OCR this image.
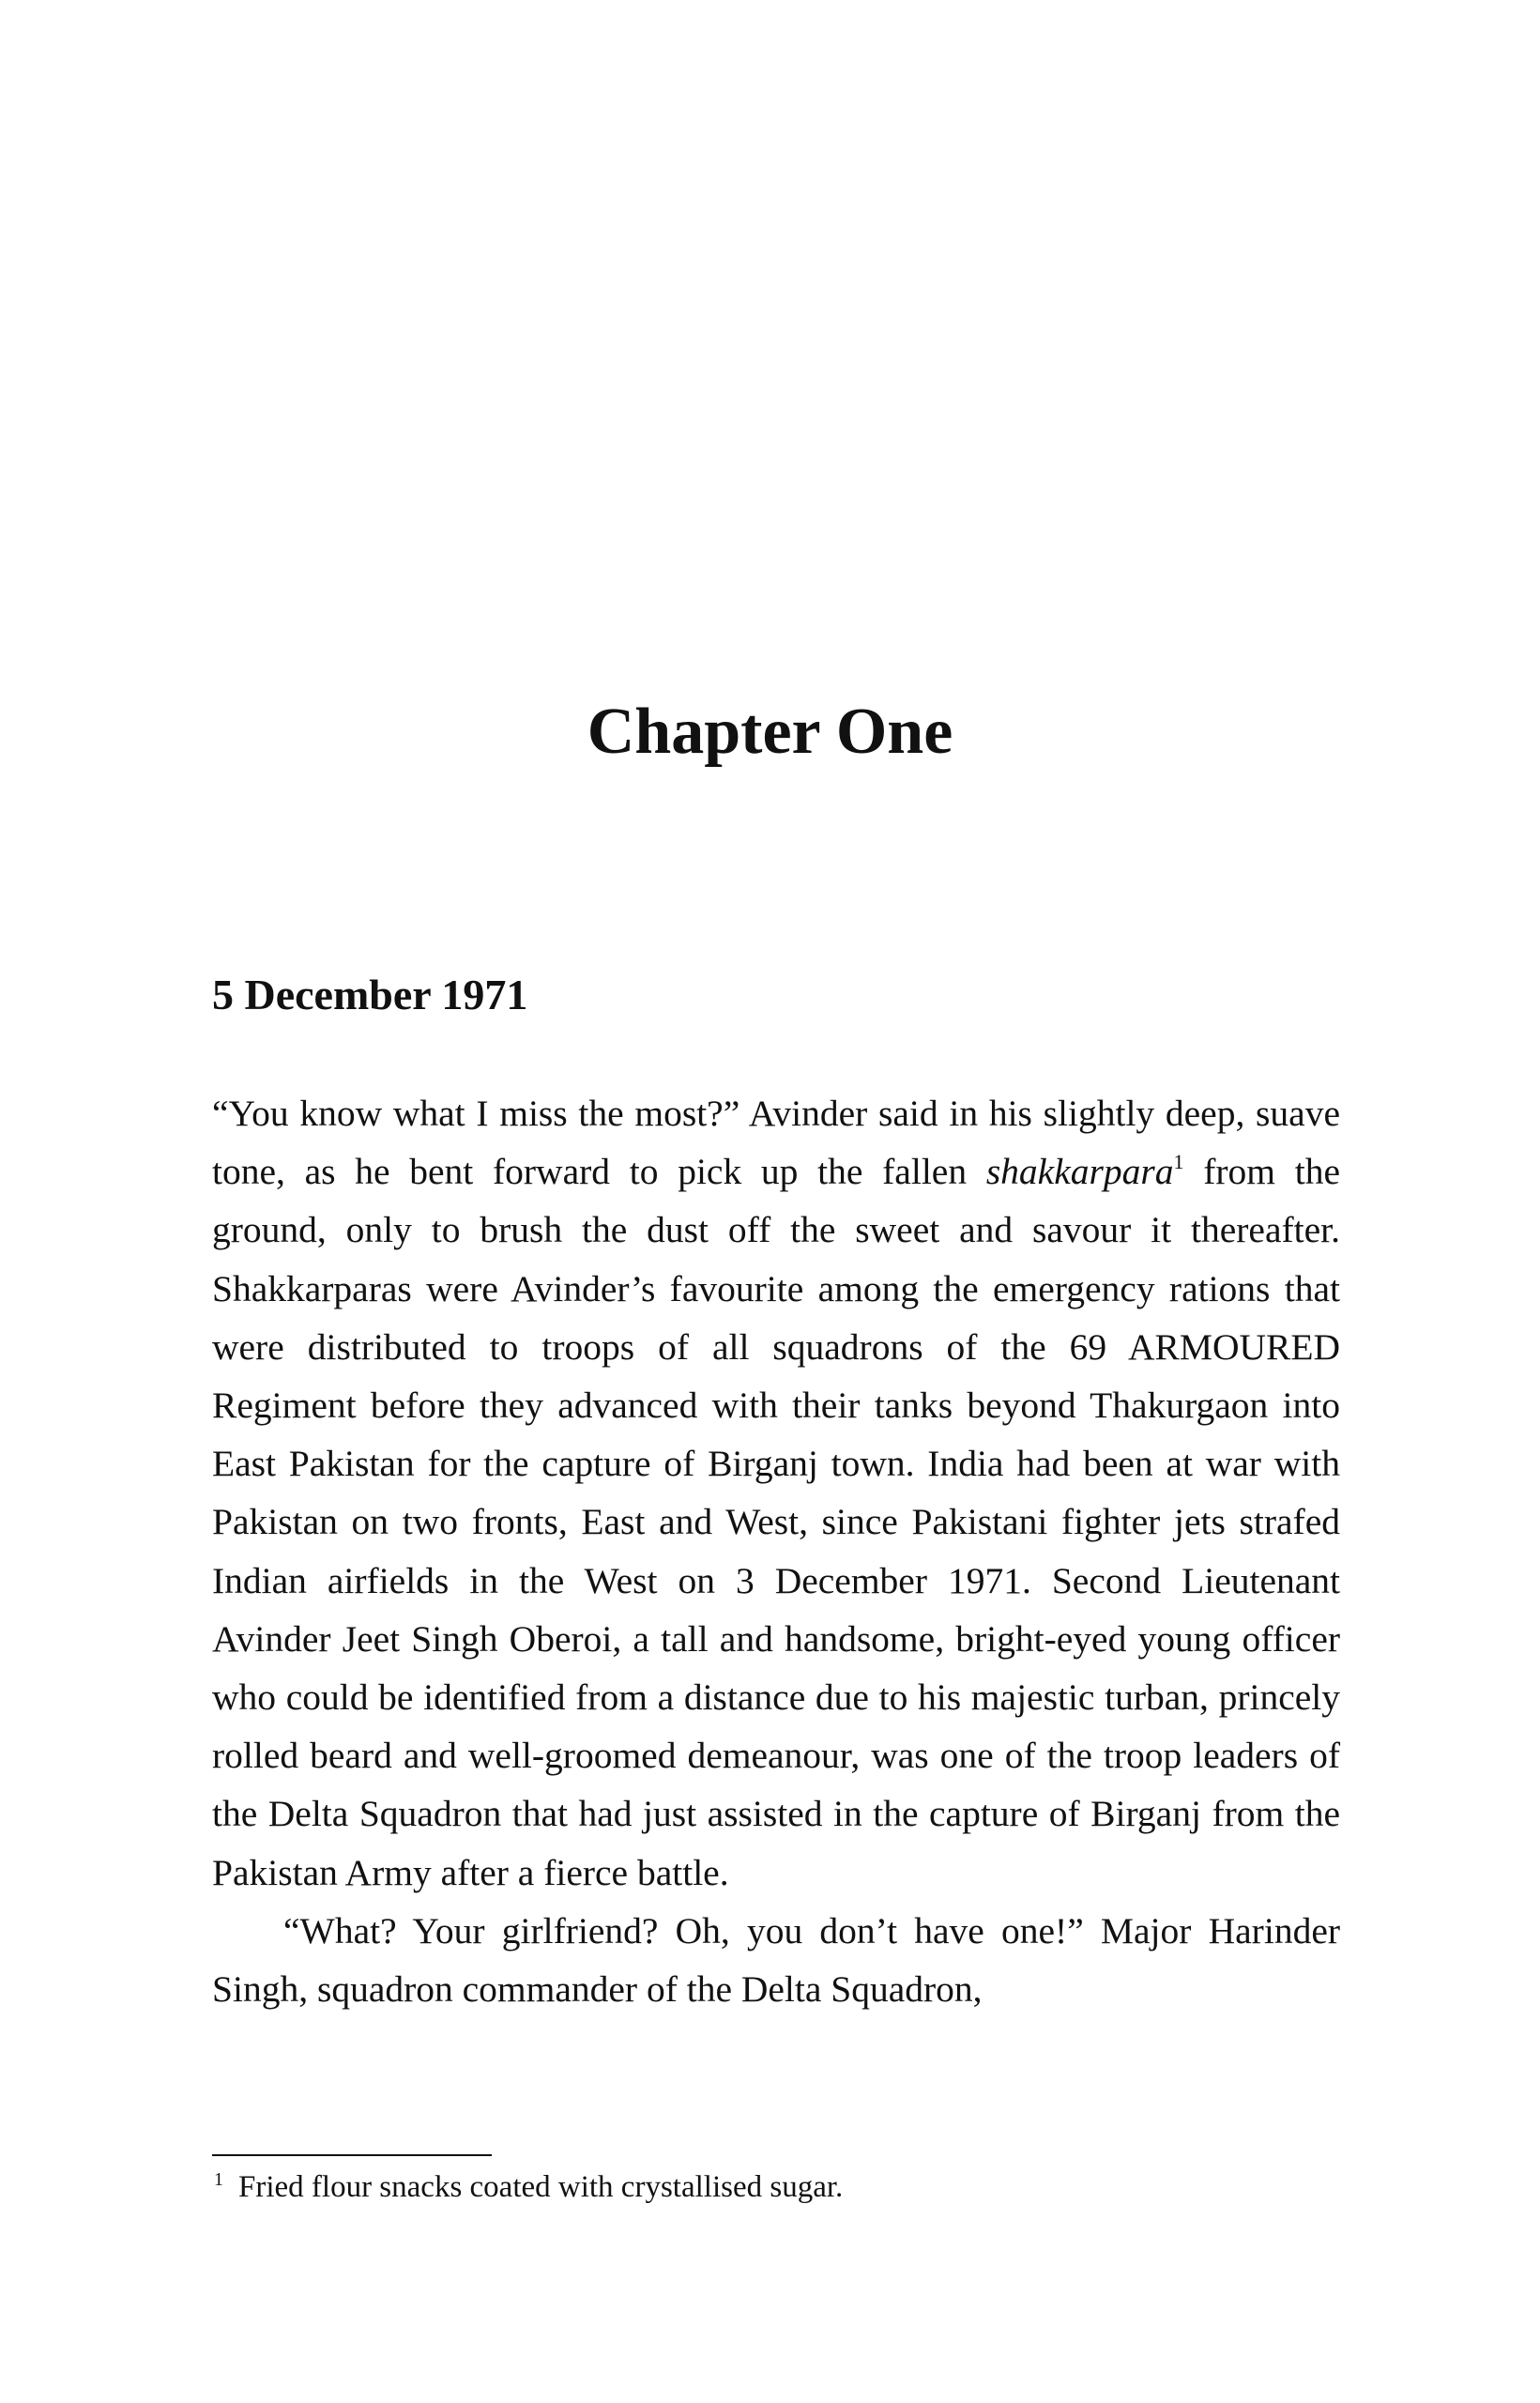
Chapter One
5 December 1971

“You know what I miss the most?” Avinder said in his slightly deep, suave tone, as he bent forward to pick up the fallen shakkarpara$^1$ from the ground, only to brush the dust off the sweet and savour it thereafter. Shakkarparas were Avinder’s favourite among the emergency rations that were distributed to troops of all squadrons of the 69 ARMOURED Regiment before they advanced with their tanks beyond Thakurgaon into East Pakistan for the capture of Birganj town. India had been at war with Pakistan on two fronts, East and West, since Pakistani fighter jets strafed Indian airfields in the West on 3 December 1971. Second Lieutenant Avinder Jeet Singh Oberoi, a tall and handsome, bright-eyed young officer who could be identified from a distance due to his majestic turban, princely rolled beard and well-groomed demeanour, was one of the troop leaders of the Delta Squadron that had just assisted in the capture of Birganj from the Pakistan Army after a fierce battle.

“What? Your girlfriend? Oh, you don’t have one!” Major Harinder Singh, squadron commander of the Delta Squadron,

$^1$ Fried flour snacks coated with crystallised sugar.
